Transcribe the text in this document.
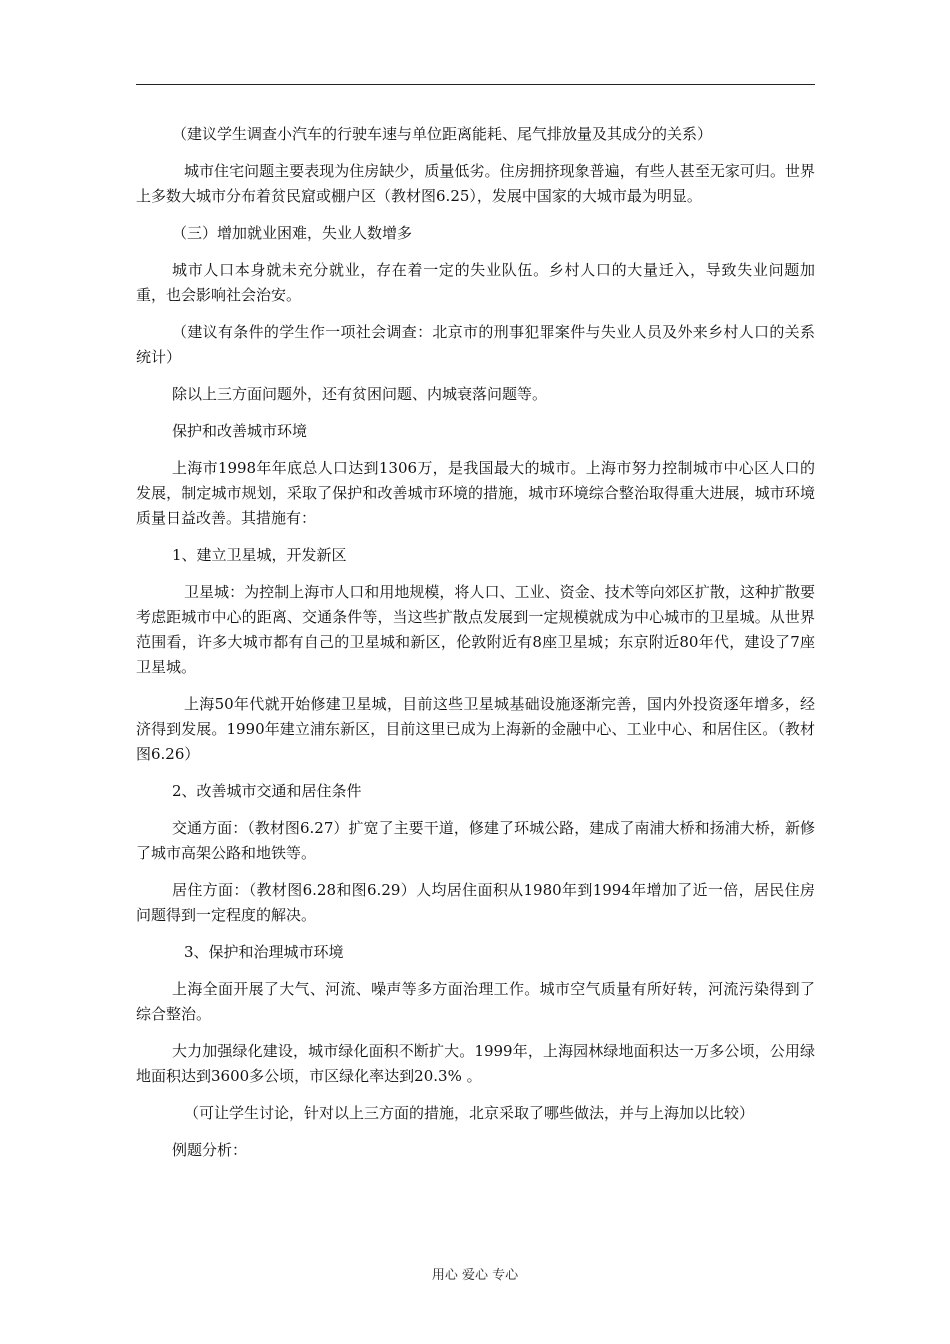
（建议学生调查小汽车的行驶车速与单位距离能耗、尾气排放量及其成分的关系）

城市住宅问题主要表现为住房缺少，质量低劣。住房拥挤现象普遍，有些人甚至无家可归。世界上多数大城市分布着贫民窟或棚户区（教材图6.25），发展中国家的大城市最为明显。

（三）增加就业困难，失业人数增多

城市人口本身就未充分就业，存在着一定的失业队伍。乡村人口的大量迁入，导致失业问题加重，也会影响社会治安。

（建议有条件的学生作一项社会调查：北京市的刑事犯罪案件与失业人员及外来乡村人口的关系统计）

除以上三方面问题外，还有贫困问题、内城衰落问题等。

保护和改善城市环境

上海市1998年年底总人口达到1306万，是我国最大的城市。上海市努力控制城市中心区人口的发展，制定城市规划，采取了保护和改善城市环境的措施，城市环境综合整治取得重大进展，城市环境质量日益改善。其措施有：

1、建立卫星城，开发新区

卫星城：为控制上海市人口和用地规模，将人口、工业、资金、技术等向郊区扩散，这种扩散要考虑距城市中心的距离、交通条件等，当这些扩散点发展到一定规模就成为中心城市的卫星城。从世界范围看，许多大城市都有自己的卫星城和新区，伦敦附近有8座卫星城；东京附近80年代，建设了7座卫星城。

上海50年代就开始修建卫星城，目前这些卫星城基础设施逐渐完善，国内外投资逐年增多，经济得到发展。1990年建立浦东新区，目前这里已成为上海新的金融中心、工业中心、和居住区。（教材图6.26）

2、改善城市交通和居住条件

交通方面：（教材图6.27）扩宽了主要干道，修建了环城公路，建成了南浦大桥和扬浦大桥，新修了城市高架公路和地铁等。

居住方面：（教材图6.28和图6.29）人均居住面积从1980年到1994年增加了近一倍，居民住房问题得到一定程度的解决。

3、保护和治理城市环境

上海全面开展了大气、河流、噪声等多方面治理工作。城市空气质量有所好转，河流污染得到了综合整治。

大力加强绿化建设，城市绿化面积不断扩大。1999年，上海园林绿地面积达一万多公顷，公用绿地面积达到3600多公顷，市区绿化率达到20.3% 。

（可让学生讨论，针对以上三方面的措施，北京采取了哪些做法，并与上海加以比较）

例题分析：

用心 爱心 专心
